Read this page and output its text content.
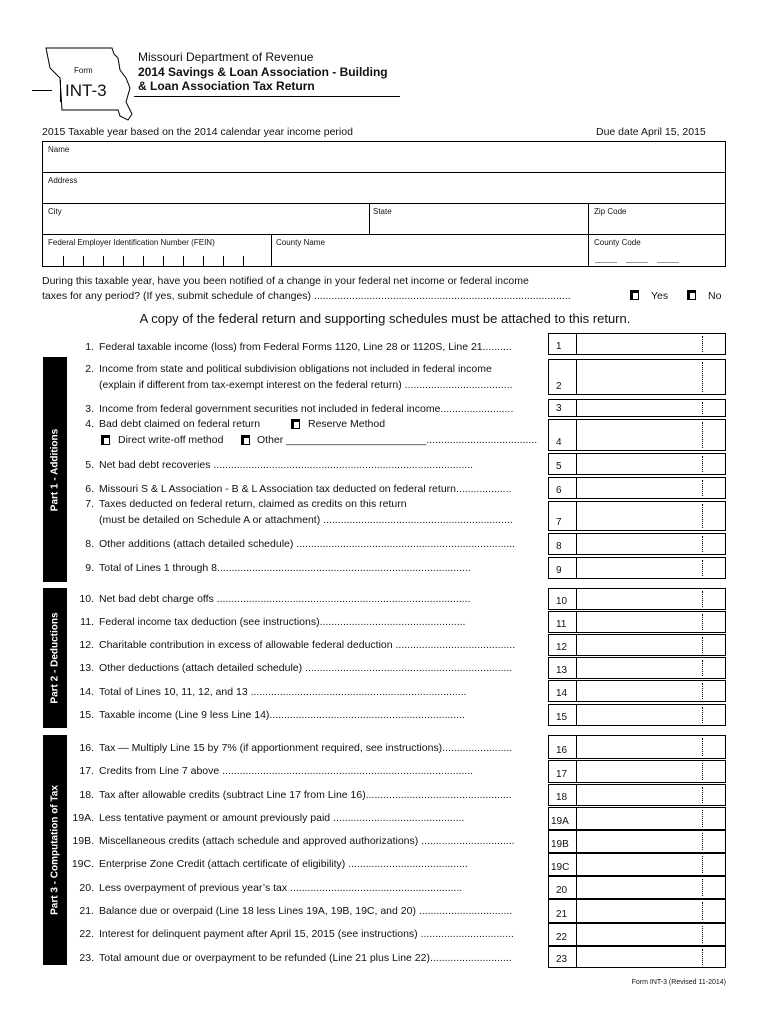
Form
INT-3
Missouri Department of Revenue
2014 Savings & Loan Association - Building
& Loan Association Tax Return
2015 Taxable year based on the 2014 calendar year income period	Due date April 15, 2015
Name
Address
City	State	Zip Code
Federal Employer Identification Number (FEIN)	County Name	County Code
During this taxable year, have you been notified of a change in your federal net income or federal income
taxes for any period? (If yes, submit schedule of changes) ........................................................................................	Yes	No
A copy of the federal return and supporting schedules must be attached to this return.
Part 1 - Additions
Part 2 - Deductions
Part 3 - Computation of Tax
1. Federal taxable income (loss) from Federal Forms 1120, Line 28 or 1120S, Line 21..........	1
2. Income from state and political subdivision obligations not included in federal income
(explain if different from tax-exempt interest on the federal return) .....................................	2
3. Income from federal government securities not included in federal income.........................	3
4. Bad debt claimed on federal return	Reserve Method
Direct write-off method	Other ________________________......................................	4
5. Net bad debt recoveries .........................................................................................	5
6. Missouri S & L Association - B & L Association tax deducted on federal return...................	6
7. Taxes deducted on federal return, claimed as credits on this return
(must be detailed on Schedule A or attachment) .................................................................	7
8. Other additions (attach detailed schedule) ...........................................................................	8
9. Total of Lines 1 through 8.......................................................................................	9
10. Net bad debt charge offs .......................................................................................	10
11. Federal income tax deduction (see instructions)..................................................	11
12. Charitable contribution in excess of allowable federal deduction .........................................	12
13. Other deductions (attach detailed schedule) .......................................................................	13
14. Total of Lines 10, 11, 12, and 13 ..........................................................................	14
15. Taxable income (Line 9 less Line 14)...................................................................	15
16. Tax — Multiply Line 15 by 7% (if apportionment required, see instructions)........................	16
17. Credits from Line 7 above ......................................................................................	17
18. Tax after allowable credits (subtract Line 17 from Line 16)..................................................	18
19A. Less tentative payment or amount previously paid .............................................	19A
19B. Miscellaneous credits (attach schedule and approved authorizations) ................................	19B
19C. Enterprise Zone Credit (attach certificate of eligibility) .........................................	19C
20. Less overpayment of previous year’s tax ...........................................................	20
21. Balance due or overpaid (Line 18 less Lines 19A, 19B, 19C, and 20) ................................	21
22. Interest for delinquent payment after April 15, 2015 (see instructions) ................................	22
23. Total amount due or overpayment to be refunded (Line 21 plus Line 22)............................	23
Form INT-3 (Revised 11-2014)
